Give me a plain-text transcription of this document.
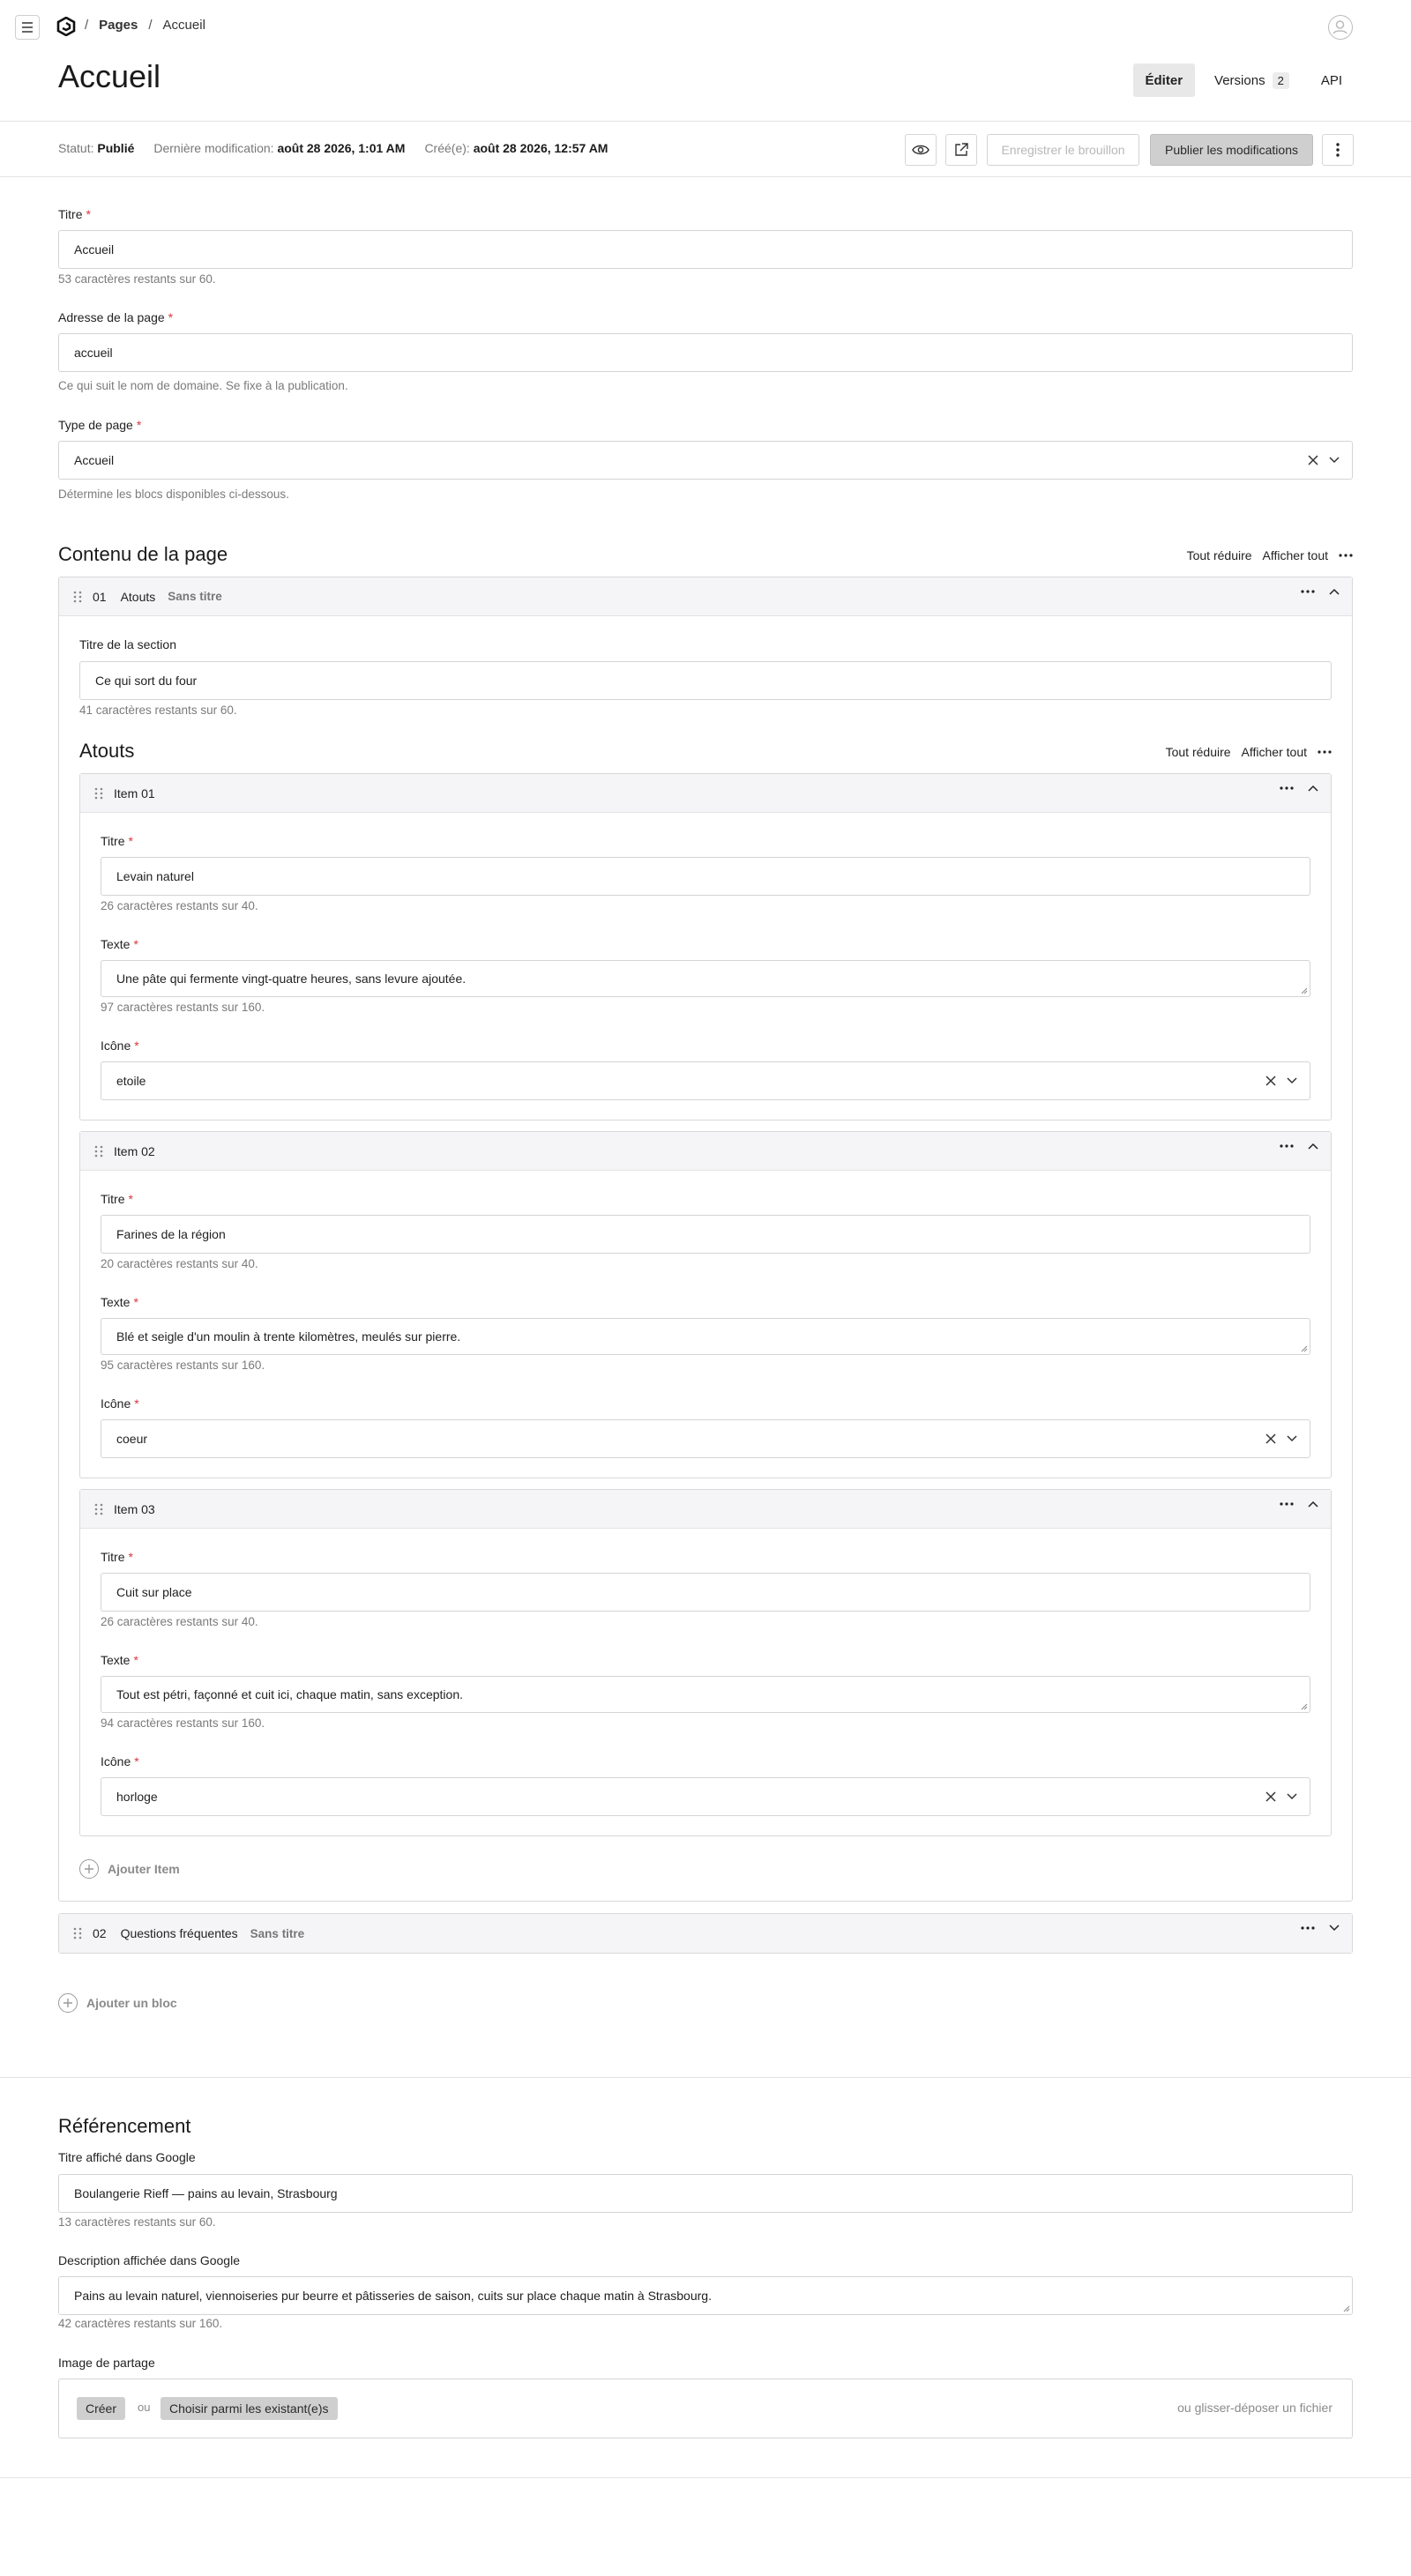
/ Pages / Accueil
Accueil	Éditer	Versions	2	API
Statut: Publié Dernière modification: août 28 2026, 1:01 AM Créé(e): août 28 2026, 12:57 AM	Enregistrer le brouillon	Publier les modifications
Titre *
Accueil
53 caractères restants sur 60.
Adresse de la page *
accueil
Ce qui suit le nom de domaine. Se fixe à la publication.
Type de page *
Accueil
Détermine les blocs disponibles ci-dessous.
Contenu de la page	Tout réduire Afficher tout
01 Atouts Sans titre
Titre de la section
Ce qui sort du four
41 caractères restants sur 60.
Atouts	Tout réduire Afficher tout
Item 01
Titre *
Levain naturel
26 caractères restants sur 40.
Texte *
Une pâte qui fermente vingt-quatre heures, sans levure ajoutée.
97 caractères restants sur 160.
Icône *
etoile
Item 02
Titre *
Farines de la région
20 caractères restants sur 40.
Texte *
Blé et seigle d'un moulin à trente kilomètres, meulés sur pierre.
95 caractères restants sur 160.
Icône *
coeur
Item 03
Titre *
Cuit sur place
26 caractères restants sur 40.
Texte *
Tout est pétri, façonné et cuit ici, chaque matin, sans exception.
94 caractères restants sur 160.
Icône *
horloge
Ajouter Item
02 Questions fréquentes Sans titre
Ajouter un bloc
Référencement
Titre affiché dans Google
Boulangerie Rieff — pains au levain, Strasbourg
13 caractères restants sur 60.
Description affichée dans Google
Pains au levain naturel, viennoiseries pur beurre et pâtisseries de saison, cuits sur place chaque matin à Strasbourg.
42 caractères restants sur 160.
Image de partage
Créer	ou	Choisir parmi les existant(e)s	ou glisser-déposer un fichier
